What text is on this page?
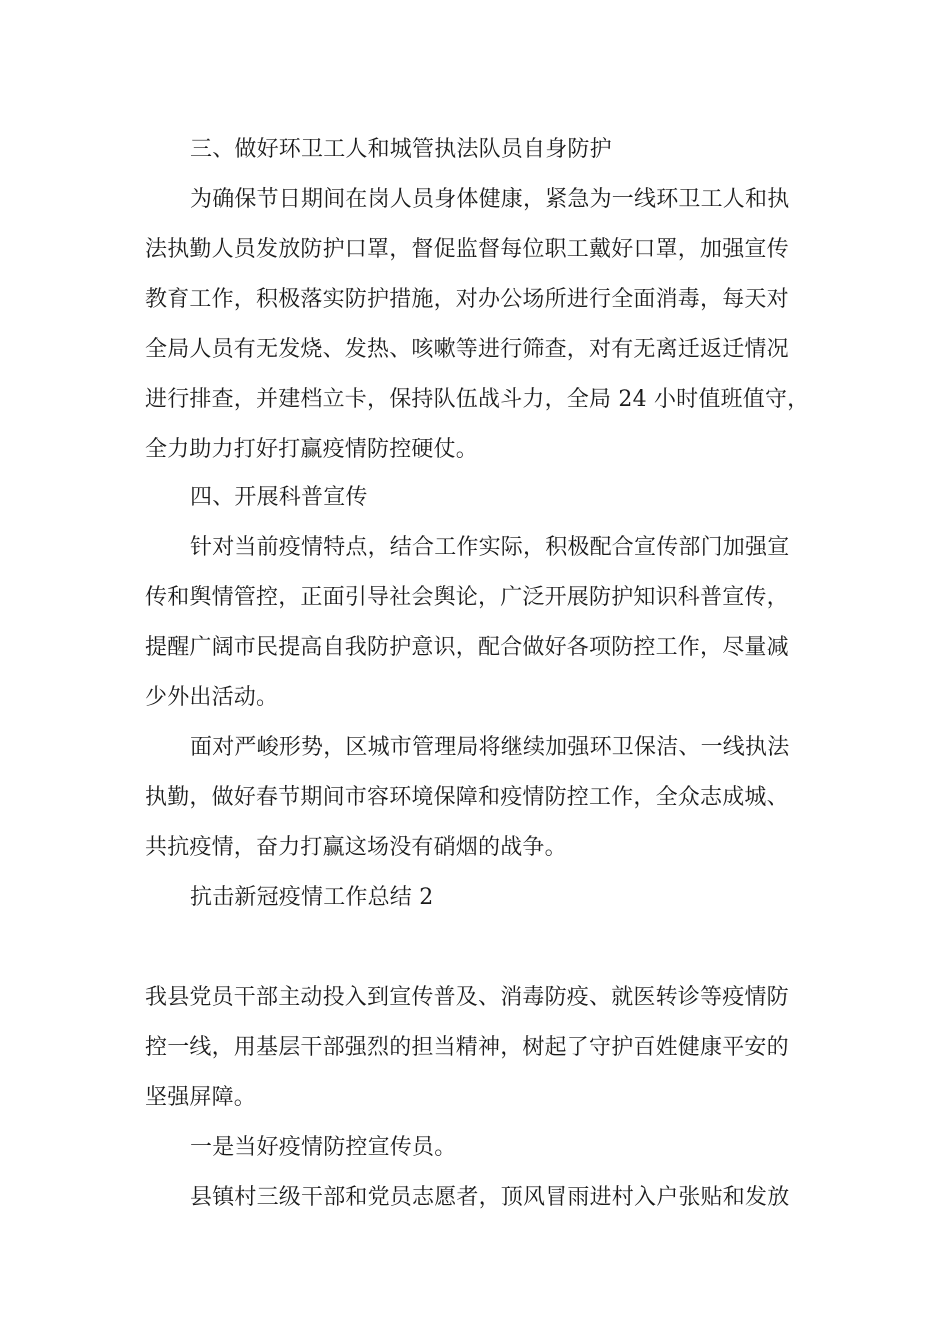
三、做好环卫工人和城管执法队员自身防护
为确保节日期间在岗人员身体健康，紧急为一线环卫工人和执
法执勤人员发放防护口罩，督促监督每位职工戴好口罩，加强宣传
教育工作，积极落实防护措施，对办公场所进行全面消毒，每天对
全局人员有无发烧、发热、咳嗽等进行筛查，对有无离迁返迁情况
进行排查，并建档立卡，保持队伍战斗力，全局 24 小时值班值守，
全力助力打好打赢疫情防控硬仗。
四、开展科普宣传
针对当前疫情特点，结合工作实际，积极配合宣传部门加强宣
传和舆情管控，正面引导社会舆论，广泛开展防护知识科普宣传，
提醒广阔市民提高自我防护意识，配合做好各项防控工作，尽量减
少外出活动。
面对严峻形势，区城市管理局将继续加强环卫保洁、一线执法
执勤，做好春节期间市容环境保障和疫情防控工作，全众志成城、
共抗疫情，奋力打赢这场没有硝烟的战争。
抗击新冠疫情工作总结 2
我县党员干部主动投入到宣传普及、消毒防疫、就医转诊等疫情防
控一线，用基层干部强烈的担当精神，树起了守护百姓健康平安的
坚强屏障。
一是当好疫情防控宣传员。
县镇村三级干部和党员志愿者，顶风冒雨进村入户张贴和发放
